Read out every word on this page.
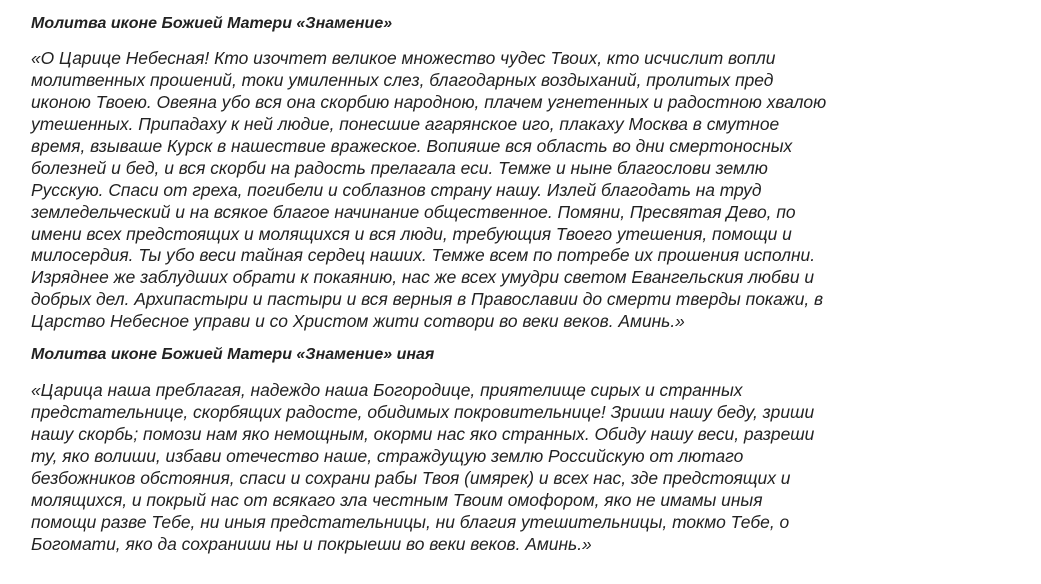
Молитва иконе Божией Матери «Знамение»

«О Царице Небесная! Кто изочтет великое множество чудес Твоих, кто исчислит вопли
молитвенных прошений, токи умиленных слез, благодарных воздыханий, пролитых пред
иконою Твоею. Овеяна убо вся она скорбию народною, плачем угнетенных и радостною хвалою
утешенных. Припадаху к ней людие, понесшие агарянское иго, плакаху Москва в смутное
время, взываше Курск в нашествие вражеское. Вопияше вся область во дни смертоносных
болезней и бед, и вся скорби на радость прелагала еси. Темже и ныне благослови землю
Русскую. Спаси от греха, погибели и соблазнов страну нашу. Излей благодать на труд
земледельческий и на всякое благое начинание общественное. Помяни, Пресвятая Дево, по
имени всех предстоящих и молящихся и вся люди, требующия Твоего утешения, помощи и
милосердия. Ты убо веси тайная сердец наших. Темже всем по потребе их прошения исполни.
Изряднее же заблудших обрати к покаянию, нас же всех умудри светом Евангельския любви и
добрых дел. Архипастыри и пастыри и вся верныя в Православии до смерти тверды покажи, в
Царство Небесное управи и со Христом жити сотвори во веки веков. Аминь.»

Молитва иконе Божией Матери «Знамение» иная

«Царица наша преблагая, надеждо наша Богородице, приятелище сирых и странных
предстательнице, скорбящих радосте, обидимых покровительнице! Зриши нашу беду, зриши
нашу скорбь; помози нам яко немощным, окорми нас яко странных. Обиду нашу веси, разреши
ту, яко волиши, избави отечество наше, страждущую землю Российскую от лютаго
безбожников обстояния, спаси и сохрани рабы Твоя (имярек) и всех нас, зде предстоящих и
молящихся, и покрый нас от всякаго зла честным Твоим омофором, яко не имамы иныя
помощи разве Тебе, ни иныя предстательницы, ни благия утешительницы, токмо Тебе, о
Богомати, яко да сохраниши ны и покрыеши во веки веков. Аминь.»
